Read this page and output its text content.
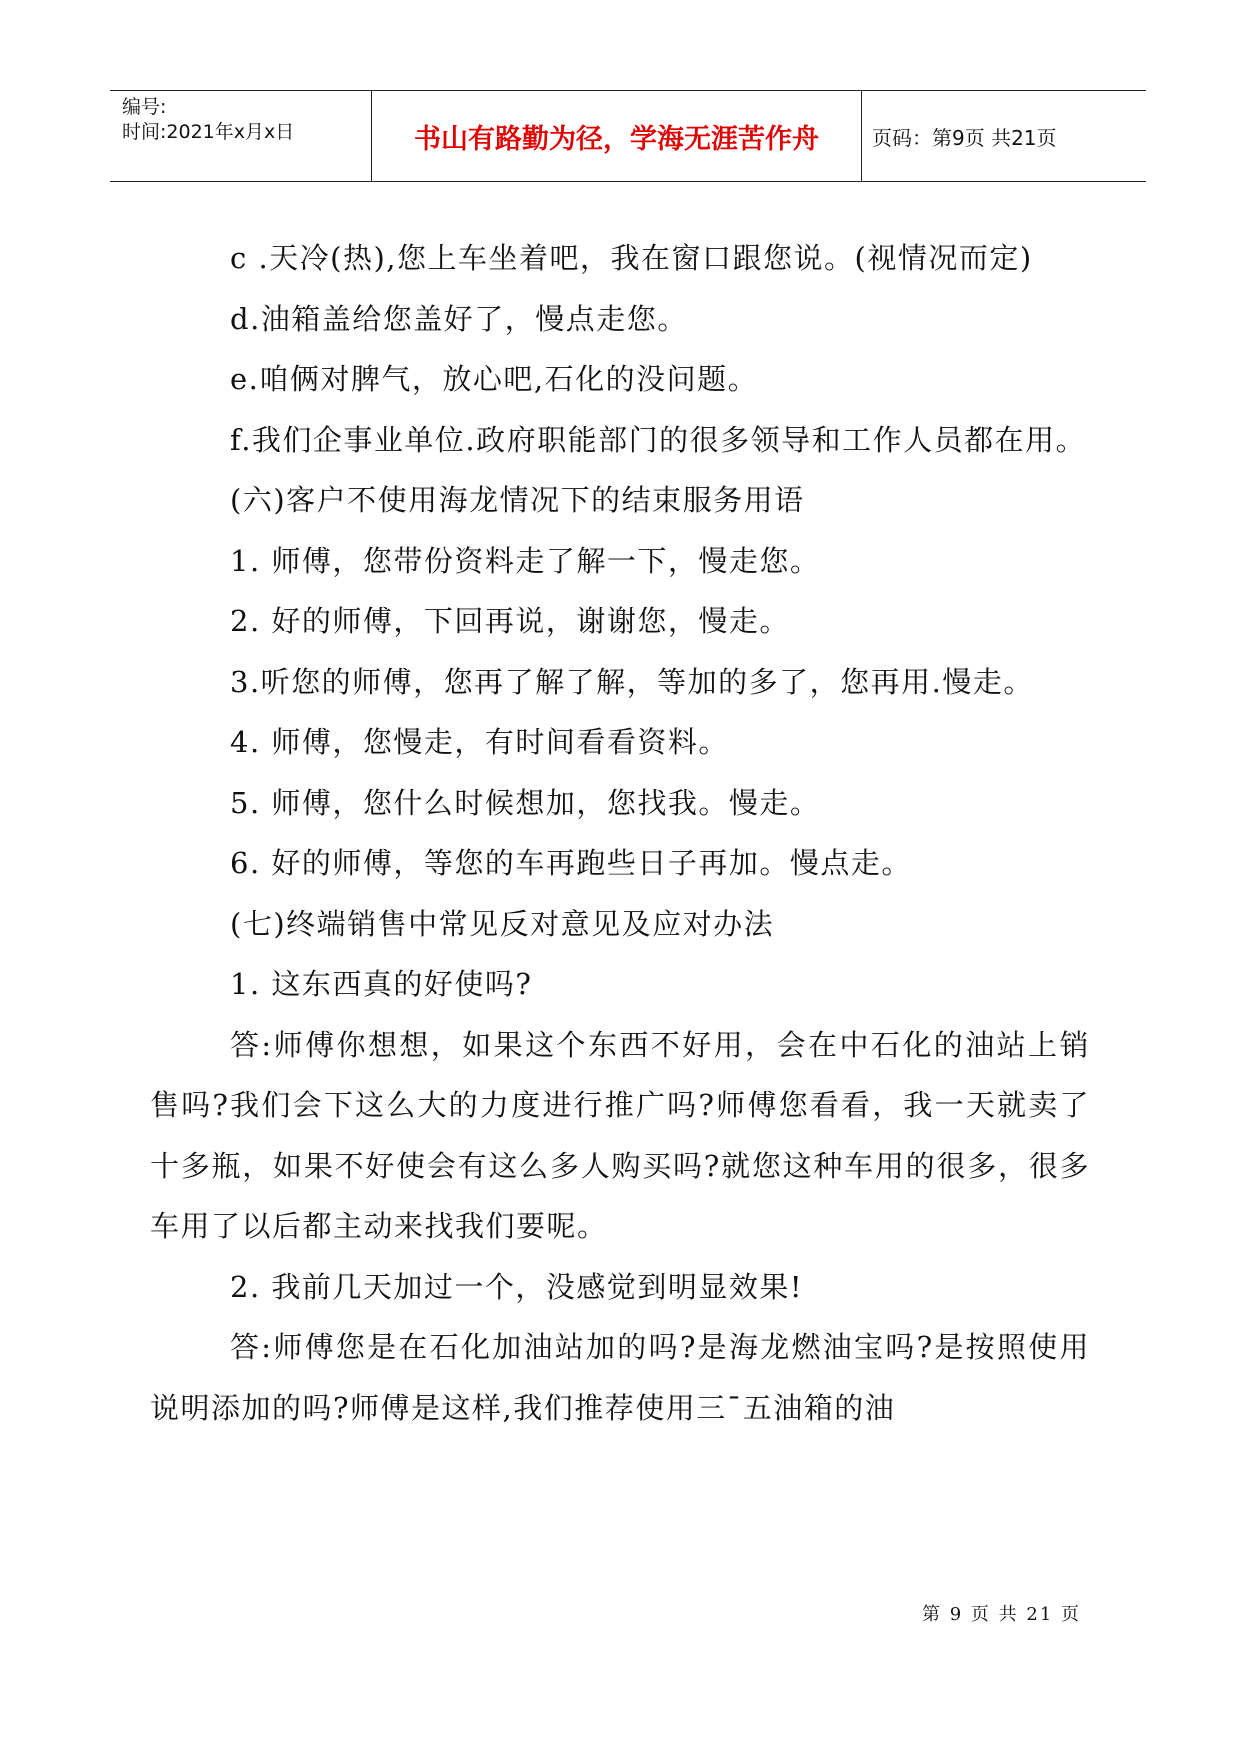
编号:
时间:2021年x月x日	书山有路勤为径，学海无涯苦作舟	页码：第9页 共21页

c .天冷(热),您上车坐着吧，我在窗口跟您说。(视情况而定)

d.油箱盖给您盖好了，慢点走您。

e.咱俩对脾气，放心吧,石化的没问题。

f.我们企事业单位.政府职能部门的很多领导和工作人员都在用。

(六)客户不使用海龙情况下的结束服务用语

1. 师傅，您带份资料走了解一下，慢走您。

2. 好的师傅，下回再说，谢谢您，慢走。

3.听您的师傅，您再了解了解，等加的多了，您再用.慢走。

4. 师傅，您慢走，有时间看看资料。

5. 师傅，您什么时候想加，您找我。慢走。

6. 好的师傅，等您的车再跑些日子再加。慢点走。

(七)终端销售中常见反对意见及应对办法

1. 这东西真的好使吗?

答:师傅你想想，如果这个东西不好用，会在中石化的油站上销售吗?我们会下这么大的力度进行推广吗?师傅您看看，我一天就卖了十多瓶，如果不好使会有这么多人购买吗?就您这种车用的很多，很多车用了以后都主动来找我们要呢。

2. 我前几天加过一个，没感觉到明显效果!

答:师傅您是在石化加油站加的吗?是海龙燃油宝吗?是按照使用说明添加的吗?师傅是这样,我们推荐使用三¯五油箱的油

第 9 页 共 21 页
